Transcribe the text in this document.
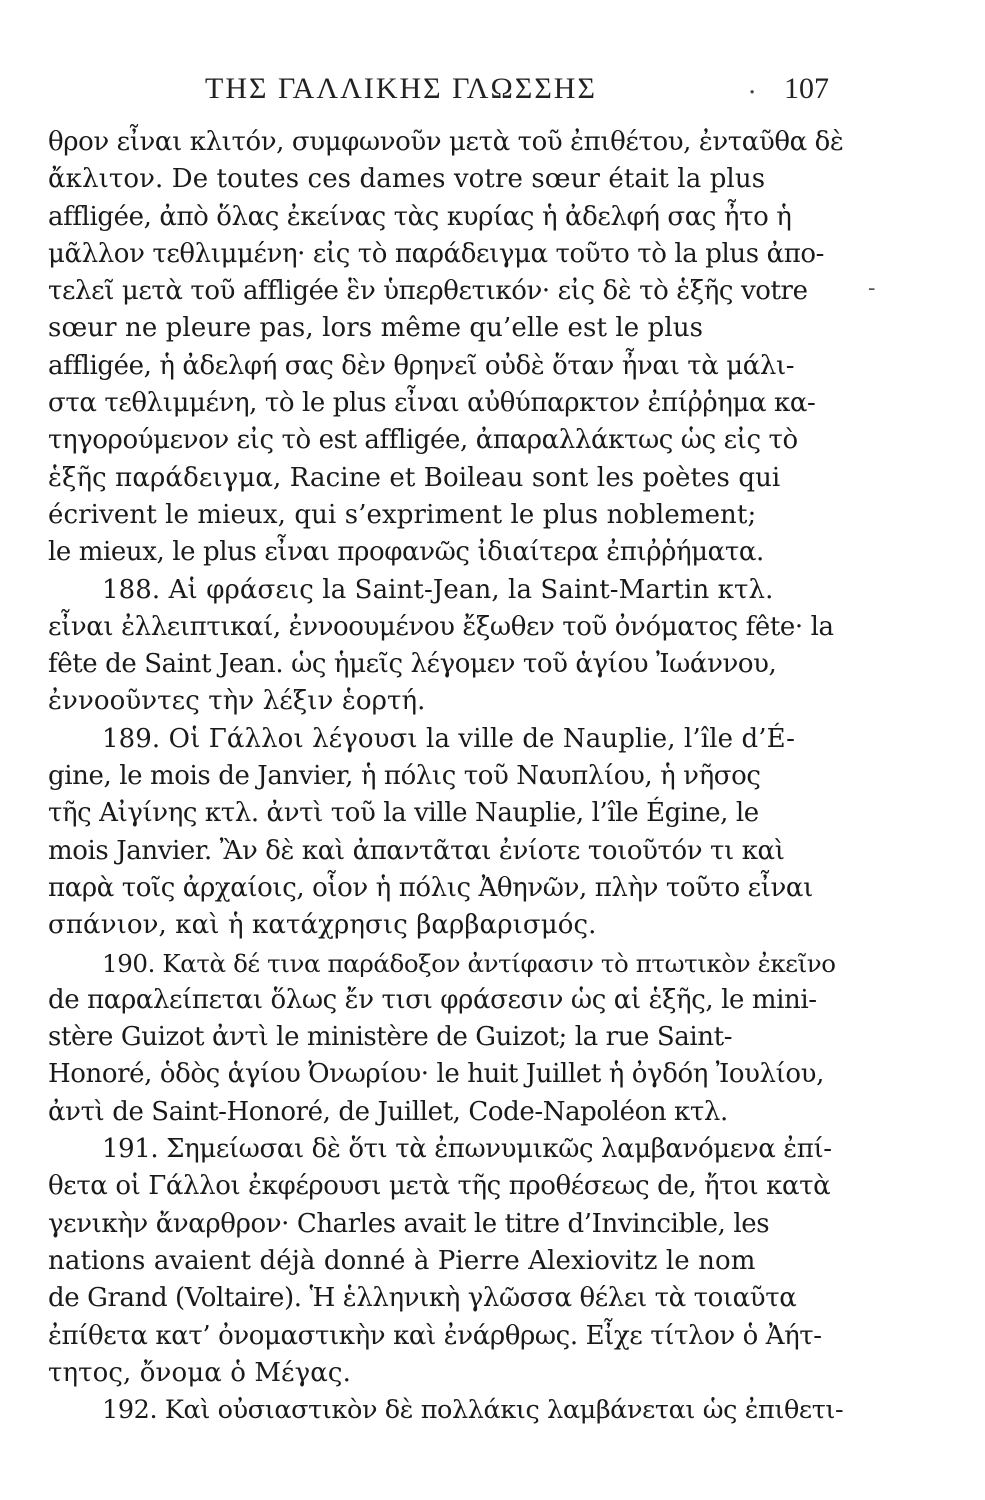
ΤΗΣ ΓΑΛΛΙΚΗΣ ΓΛΩΣΣΗΣ	· 107
-
θρον εἶναι κλιτόν, συμφωνοῦν μετὰ τοῦ ἐπιθέτου, ἐνταῦθα δὲ
ἄκλιτον. De toutes ces dames votre sœur était la plus
affligée, ἀπὸ ὅλας ἐκείνας τὰς κυρίας ἡ ἀδελφή σας ἦτο ἡ
μᾶλλον τεθλιμμένη· εἰς τὸ παράδειγμα τοῦτο τὸ la plus ἀπο-
τελεῖ μετὰ τοῦ affligée ἓν ὑπερθετικόν· εἰς δὲ τὸ ἑξῆς votre
sœur ne pleure pas, lors même qu’elle est le plus
affligée, ἡ ἀδελφή σας δὲν θρηνεῖ οὐδὲ ὅταν ἦναι τὰ μάλι-
στα τεθλιμμένη, τὸ le plus εἶναι αὐθύπαρκτον ἐπίῤῥημα κα-
τηγορούμενον εἰς τὸ est affligée, ἀπαραλλάκτως ὡς εἰς τὸ
ἑξῆς παράδειγμα, Racine et Boileau sont les poètes qui
écrivent le mieux, qui s’expriment le plus noblement;
le mieux, le plus εἶναι προφανῶς ἰδιαίτερα ἐπιῤῥήματα.
188. Αἱ φράσεις la Saint-Jean, la Saint-Martin κτλ.
εἶναι ἐλλειπτικαί, ἐννοουμένου ἔξωθεν τοῦ ὀνόματος fête· la
fête de Saint Jean. ὡς ἡμεῖς λέγομεν τοῦ ἁγίου Ἰωάννου,
ἐννοοῦντες τὴν λέξιν ἑορτή.
189. Οἱ Γάλλοι λέγουσι la ville de Nauplie, l’île d’É-
gine, le mois de Janvier, ἡ πόλις τοῦ Ναυπλίου, ἡ νῆσος
τῆς Αἰγίνης κτλ. ἀντὶ τοῦ la ville Nauplie, l’île Égine, le
mois Janvier. Ἂν δὲ καὶ ἀπαντᾶται ἐνίοτε τοιοῦτόν τι καὶ
παρὰ τοῖς ἀρχαίοις, οἷον ἡ πόλις Ἀθηνῶν, πλὴν τοῦτο εἶναι
σπάνιον, καὶ ἡ κατάχρησις βαρβαρισμός.
190. Κατὰ δέ τινα παράδοξον ἀντίφασιν τὸ πτωτικὸν ἐκεῖνο
de παραλείπεται ὅλως ἔν τισι φράσεσιν ὡς αἱ ἑξῆς, le mini-
stère Guizot ἀντὶ le ministère de Guizot; la rue Saint-
Honoré, ὁδὸς ἁγίου Ὀνωρίου· le huit Juillet ἡ ὀγδόη Ἰουλίου,
ἀντὶ de Saint-Honoré, de Juillet, Code-Napoléon κτλ.
191. Σημείωσαι δὲ ὅτι τὰ ἐπωνυμικῶς λαμβανόμενα ἐπί-
θετα οἱ Γάλλοι ἐκφέρουσι μετὰ τῆς προθέσεως de, ἤτοι κατὰ
γενικὴν ἄναρθρον· Charles avait le titre d’Invincible, les
nations avaient déjà donné à Pierre Alexiovitz le nom
de Grand (Voltaire). Ἡ ἑλληνικὴ γλῶσσα θέλει τὰ τοιαῦτα
ἐπίθετα κατ’ ὀνομαστικὴν καὶ ἐνάρθρως. Εἶχε τίτλον ὁ Ἀήτ-
τητος, ὄνομα ὁ Μέγας.
192. Καὶ οὐσιαστικὸν δὲ πολλάκις λαμβάνεται ὡς ἐπιθετι-
